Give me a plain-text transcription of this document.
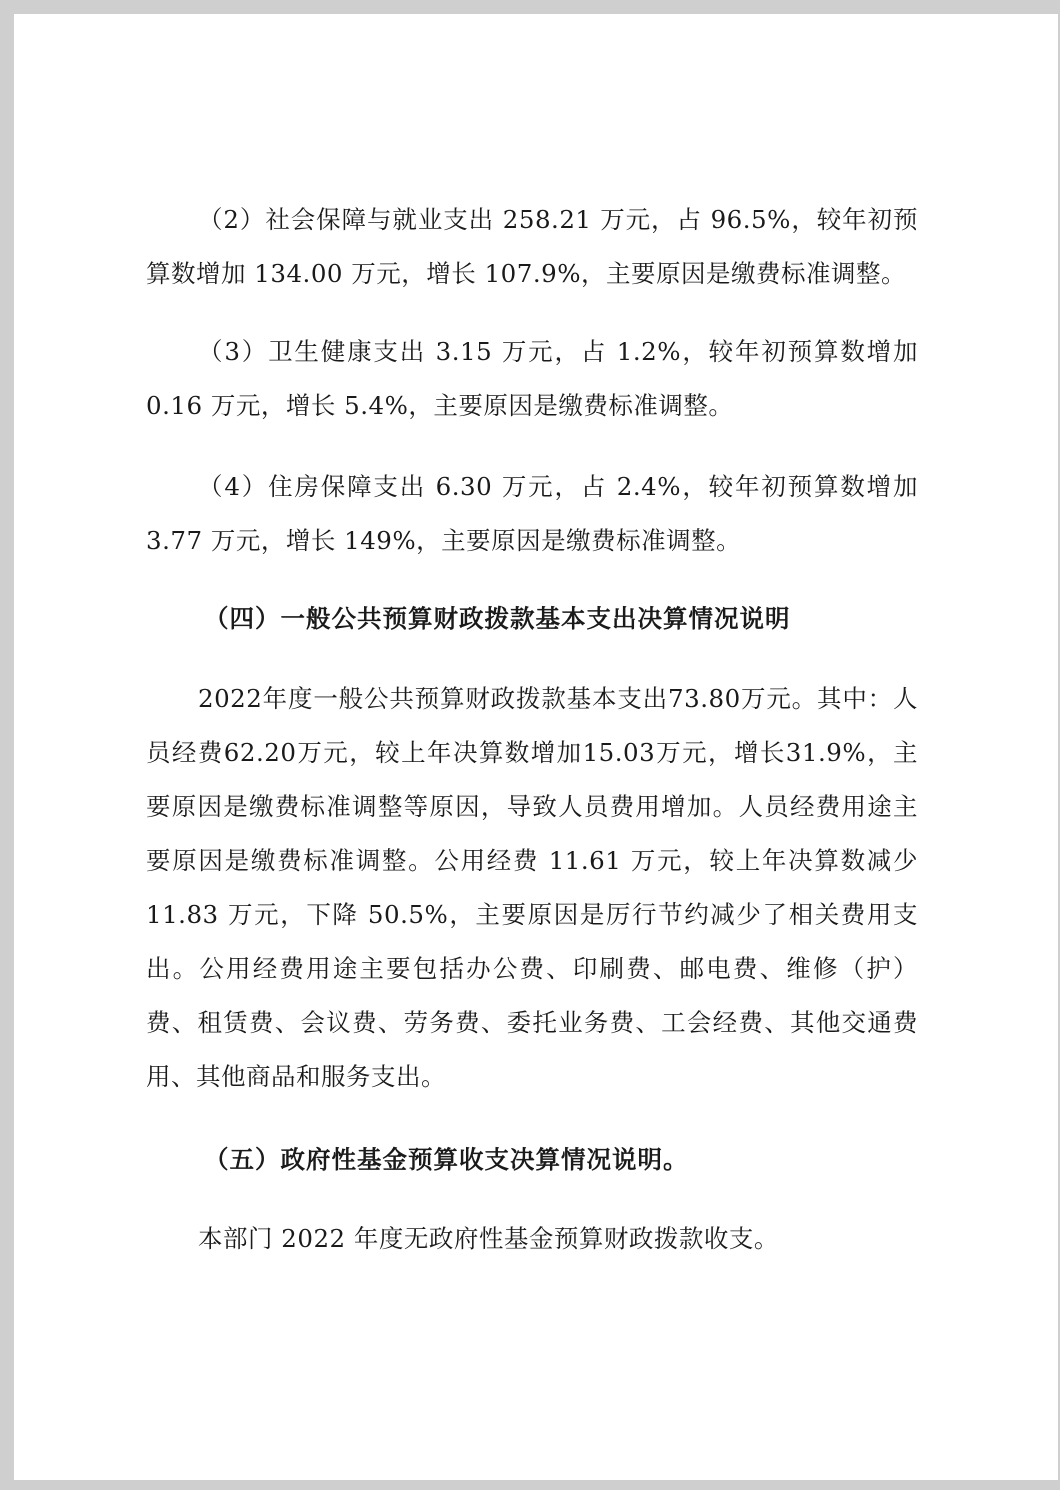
（2）社会保障与就业支出 258.21 万元，占 96.5%，较年初预算数增加 134.00 万元，增长 107.9%，主要原因是缴费标准调整。

（3）卫生健康支出 3.15 万元，占 1.2%，较年初预算数增加 0.16 万元，增长 5.4%，主要原因是缴费标准调整。

（4）住房保障支出 6.30 万元，占 2.4%，较年初预算数增加 3.77 万元，增长 149%，主要原因是缴费标准调整。

（四）一般公共预算财政拨款基本支出决算情况说明

2022年度一般公共预算财政拨款基本支出73.80万元。其中：人员经费62.20万元，较上年决算数增加15.03万元，增长31.9%，主要原因是缴费标准调整等原因，导致人员费用增加。人员经费用途主要原因是缴费标准调整。公用经费 11.61 万元，较上年决算数减少 11.83 万元，下降 50.5%，主要原因是厉行节约减少了相关费用支出。公用经费用途主要包括办公费、印刷费、邮电费、维修（护）费、租赁费、会议费、劳务费、委托业务费、工会经费、其他交通费用、其他商品和服务支出。

（五）政府性基金预算收支决算情况说明。

本部门 2022 年度无政府性基金预算财政拨款收支。
